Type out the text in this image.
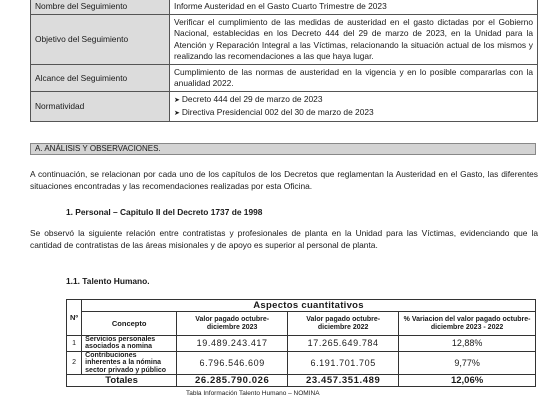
Nombre del Seguimiento	Informe Austeridad en el Gasto Cuarto Trimestre de 2023
Objetivo del Seguimiento	Verificar el cumplimiento de las medidas de austeridad en el gasto dictadas por el Gobierno Nacional, establecidas en los Decreto 444 del 29 de marzo de 2023, en la Unidad para la Atención y Reparación Integral a las Víctimas, relacionando la situación actual de los mismos y realizando las recomendaciones a las que haya lugar.
Alcance del Seguimiento	Cumplimiento de las normas de austeridad en la vigencia y en lo posible compararlas con la anualidad 2022.
Normatividad	➤ Decreto 444 del 29 de marzo de 2023
➤ Directiva Presidencial 002 del 30 de marzo de 2023
A. ANÁLISIS Y OBSERVACIONES.

A continuación, se relacionan por cada uno de los capítulos de los Decretos que reglamentan la Austeridad en el Gasto, las diferentes situaciones encontradas y las recomendaciones realizadas por esta Oficina.

1. Personal – Capitulo II del Decreto 1737 de 1998

Se observó la siguiente relación entre contratistas y profesionales de planta en la Unidad para las Víctimas, evidenciando que la cantidad de contratistas de las áreas misionales y de apoyo es superior al personal de planta.

1.1. Talento Humano.

Nº	Aspectos cuantitativos			
	Concepto	Valor pagado octubre- diciembre 2023	Valor pagado octubre- diciembre 2022	% Variacion del valor pagado octubre- diciembre 2023 - 2022
1	Servicios personales asociados a nomina	19.489.243.417	17.265.649.784	12,88%
2	Contribuciones inherentes a la nómina sector privado y público	6.796.546.609	6.191.701.705	9,77%
Totales		26.285.790.026	23.457.351.489	12,06%

Tabla Información Talento Humano – NOMINA
